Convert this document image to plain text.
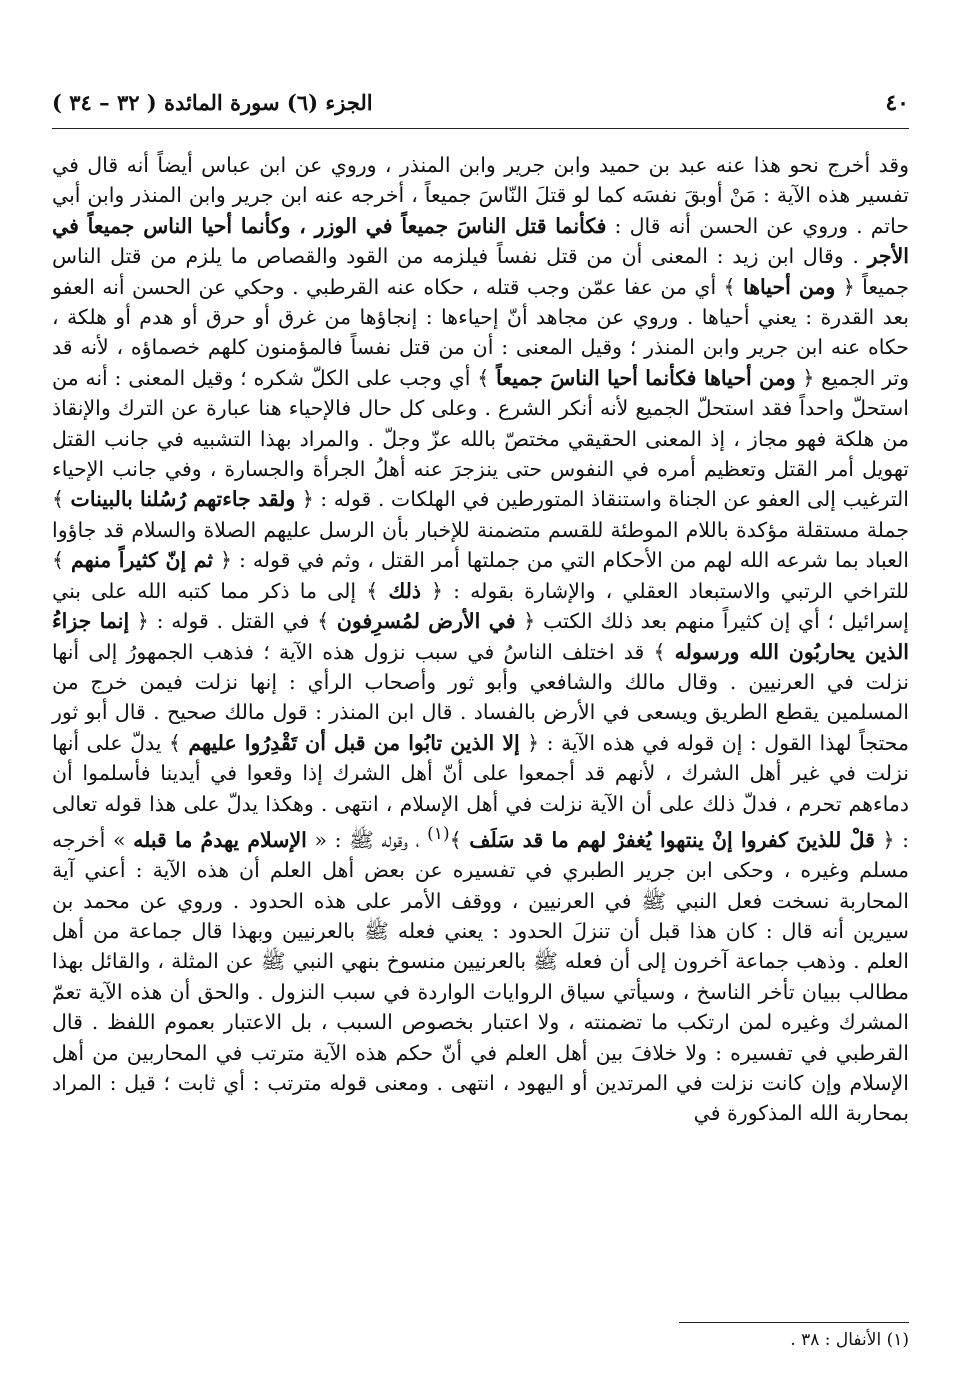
٤٠
الجزء (٦) سورة المائدة ( ٣٢ – ٣٤ )

وقد أخرج نحو هذا عنه عبد بن حميد وابن جرير وابن المنذر ، وروي عن ابن عباس أيضاً أنه قال في تفسير هذه الآية : مَنْ أوبقَ نفسَه كما لو قتلَ النّاسَ جميعاً ، أخرجه عنه ابن جرير وابن المنذر وابن أبي حاتم . وروي عن الحسن أنه قال : فكأنما قتل الناسَ جميعاً في الوزر ، وكأنما أحيا الناس جميعاً في الأجر . وقال ابن زيد : المعنى أن من قتل نفساً فيلزمه من القود والقصاص ما يلزم من قتل الناس جميعاً ﴿ ومن أحياها ﴾ أي من عفا عمّن وجب قتله ، حكاه عنه القرطبي . وحكي عن الحسن أنه العفو بعد القدرة : يعني أحياها . وروي عن مجاهد أنّ إحياءها : إنجاؤها من غرق أو حرق أو هدم أو هلكة ، حكاه عنه ابن جرير وابن المنذر ؛ وقيل المعنى : أن من قتل نفساً فالمؤمنون كلهم خصماؤه ، لأنه قد وتر الجميع ﴿ ومن أحياها فكأنما أحيا الناسَ جميعاً ﴾ أي وجب على الكلّ شكره ؛ وقيل المعنى : أنه من استحلّ واحداً فقد استحلّ الجميع لأنه أنكر الشرع . وعلى كل حال فالإحياء هنا عبارة عن الترك والإنقاذ من هلكة فهو مجاز ، إذ المعنى الحقيقي مختصّ بالله عزّ وجلّ . والمراد بهذا التشبيه في جانب القتل تهويل أمر القتل وتعظيم أمره في النفوس حتى ينزجرَ عنه أهلُ الجرأة والجسارة ، وفي جانب الإحياء الترغيب إلى العفو عن الجناة واستنقاذ المتورطين في الهلكات . قوله : ﴿ ولقد جاءتهم رُسُلنا بالبينات ﴾ جملة مستقلة مؤكدة باللام الموطئة للقسم متضمنة للإخبار بأن الرسل عليهم الصلاة والسلام قد جاؤوا العباد بما شرعه الله لهم من الأحكام التي من جملتها أمر القتل ، وثم في قوله : ﴿ ثم إنّ كثيراً منهم ﴾ للتراخي الرتبي والاستبعاد العقلي ، والإشارة بقوله : ﴿ ذلك ﴾ إلى ما ذكر مما كتبه الله على بني إسرائيل ؛ أي إن كثيراً منهم بعد ذلك الكتب ﴿ في الأرض لمُسرِفون ﴾ في القتل . قوله : ﴿ إنما جزاءُ الذين يحاربُون الله ورسوله ﴾ قد اختلف الناسُ في سبب نزول هذه الآية ؛ فذهب الجمهورُ إلى أنها نزلت في العرنيين . وقال مالك والشافعي وأبو ثور وأصحاب الرأي : إنها نزلت فيمن خرج من المسلمين يقطع الطريق ويسعى في الأرض بالفساد . قال ابن المنذر : قول مالك صحيح . قال أبو ثور محتجاً لهذا القول : إن قوله في هذه الآية : ﴿ إلا الذين تابُوا من قبل أن تَقْدِرُوا عليهم ﴾ يدلّ على أنها نزلت في غير أهل الشرك ، لأنهم قد أجمعوا على أنّ أهل الشرك إذا وقعوا في أيدينا فأسلموا أن دماءهم تحرم ، فدلّ ذلك على أن الآية نزلت في أهل الإسلام ، انتهى . وهكذا يدلّ على هذا قوله تعالى : ﴿ قلْ للذينَ كفروا إنْ ينتهوا يُغفرْ لهم ما قد سَلَف ﴾$^{(١)}$ ، وقوله ﷺ : « الإسلام يهدمُ ما قبله » أخرجه مسلم وغيره ، وحكى ابن جرير الطبري في تفسيره عن بعض أهل العلم أن هذه الآية : أعني آية المحاربة نسخت فعل النبي ﷺ في العرنيين ، ووقف الأمر على هذه الحدود . وروي عن محمد بن سيرين أنه قال : كان هذا قبل أن تنزلَ الحدود : يعني فعله ﷺ بالعرنيين وبهذا قال جماعة من أهل العلم . وذهب جماعة آخرون إلى أن فعله ﷺ بالعرنيين منسوخ بنهي النبي ﷺ عن المثلة ، والقائل بهذا مطالب ببيان تأخر الناسخ ، وسيأتي سياق الروايات الواردة في سبب النزول . والحق أن هذه الآية تعمّ المشرك وغيره لمن ارتكب ما تضمنته ، ولا اعتبار بخصوص السبب ، بل الاعتبار بعموم اللفظ . قال القرطبي في تفسيره : ولا خلافَ بين أهل العلم في أنّ حكم هذه الآية مترتب في المحاربين من أهل الإسلام وإن كانت نزلت في المرتدين أو اليهود ، انتهى . ومعنى قوله مترتب : أي ثابت ؛ قيل : المراد بمحاربة الله المذكورة في

(١) الأنفال : ٣٨ .
